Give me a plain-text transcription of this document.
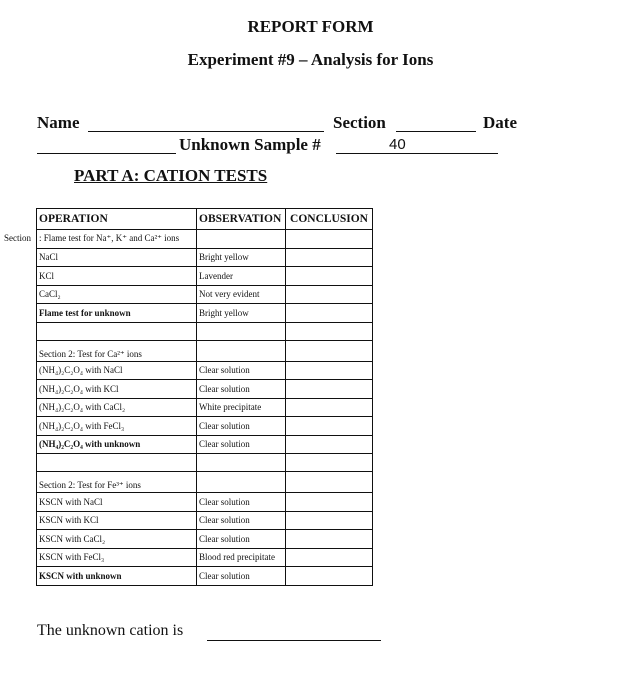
REPORT FORM
Experiment #9 – Analysis for Ions
Name	Section	Date
Unknown Sample #	40
PART A: CATION TESTS
OPERATION	OBSERVATION	CONCLUSION

Section : Flame test for Na⁺, K⁺ and Ca²⁺ ions		
NaCl	Bright yellow	
KCl	Lavender	
CaCl₂	Not very evident	
Flame test for unknown	Bright yellow	

Section 2: Test for Ca²⁺ ions		
(NH₄)₂C₂O₄ with NaCl	Clear solution	
(NH₄)₂C₂O₄ with KCl	Clear solution	
(NH₄)₂C₂O₄ with CaCl₂	White precipitate	
(NH₄)₂C₂O₄ with FeCl₃	Clear solution	
(NH₄)₂C₂O₄ with unknown	Clear solution	

Section 2: Test for Fe³⁺ ions		
KSCN with NaCl	Clear solution	
KSCN with KCl	Clear solution	
KSCN with CaCl₂	Clear solution	
KSCN with FeCl₃	Blood red precipitate	
KSCN with unknown	Clear solution	
The unknown cation is
